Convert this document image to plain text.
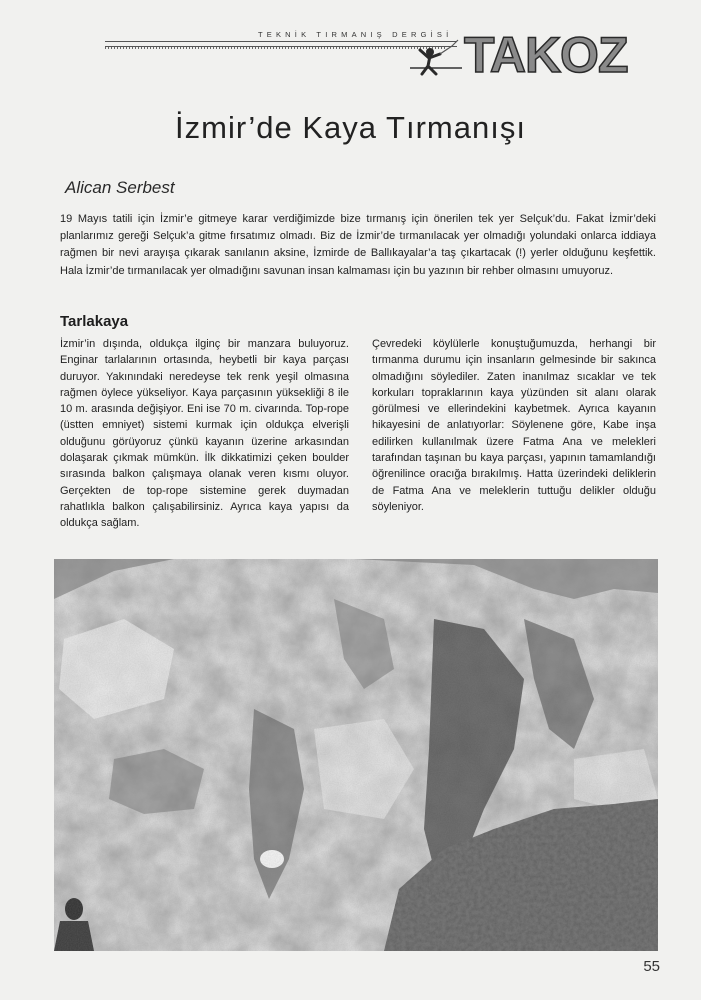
TEKNİK TIRMANIŞ DERGİSİ TAKOZ
İzmir’de Kaya Tırmanışı
Alican Serbest
19 Mayıs tatili için İzmir’e gitmeye karar verdiğimizde bize tırmanış için önerilen tek yer Selçuk’du. Fakat İzmir’deki planlarımız gereği Selçuk’a gitme fırsatımız olmadı. Biz de İzmir’de tırmanılacak yer olmadığı yolundaki onlarca iddiaya rağmen bir nevi arayışa çıkarak sanılanın aksine, İzmirde de Ballıkayalar’a taş çıkartacak (!) yerler olduğunu keşfettik. Hala İzmir’de tırmanılacak yer olmadığını savunan insan kalmaması için bu yazının bir rehber olmasını umuyoruz.
Tarlakaya

İzmir’in dışında, oldukça ilginç bir manzara buluyoruz. Enginar tarlalarının ortasında, heybetli bir kaya parçası duruyor. Yakınındaki neredeyse tek renk yeşil olmasına rağmen öylece yükseliyor. Kaya parçasının yüksekliği 8 ile 10 m. arasında değişiyor. Eni ise 70 m. civarında. Top-rope (üstten emniyet) sistemi kurmak için oldukça elverişli olduğunu görüyoruz çünkü kayanın üzerine arkasından dolaşarak çıkmak mümkün. İlk dikkatimizi çeken boulder sırasında balkon çalışmaya olanak veren kısmı oluyor. Gerçekten de top-rope sistemine gerek duymadan rahatlıkla balkon çalışabilirsiniz. Ayrıca kaya yapısı da oldukça sağlam.

Çevredeki köylülerle konuştuğumuzda, herhangi bir tırmanma durumu için insanların gelmesinde bir sakınca olmadığını söylediler. Zaten inanılmaz sıcaklar ve tek korkuları topraklarının kaya yüzünden sit alanı olarak görülmesi ve ellerindekini kaybetmek. Ayrıca kayanın hikayesini de anlatıyorlar: Söylenene göre, Kabe inşa edilirken kullanılmak üzere Fatma Ana ve melekleri tarafından taşınan bu kaya parçası, yapının tamamlandığı öğrenilince oracığa bırakılmış. Hatta üzerindeki deliklerin de Fatma Ana ve meleklerin tuttuğu delikler olduğu söyleniyor.

55
